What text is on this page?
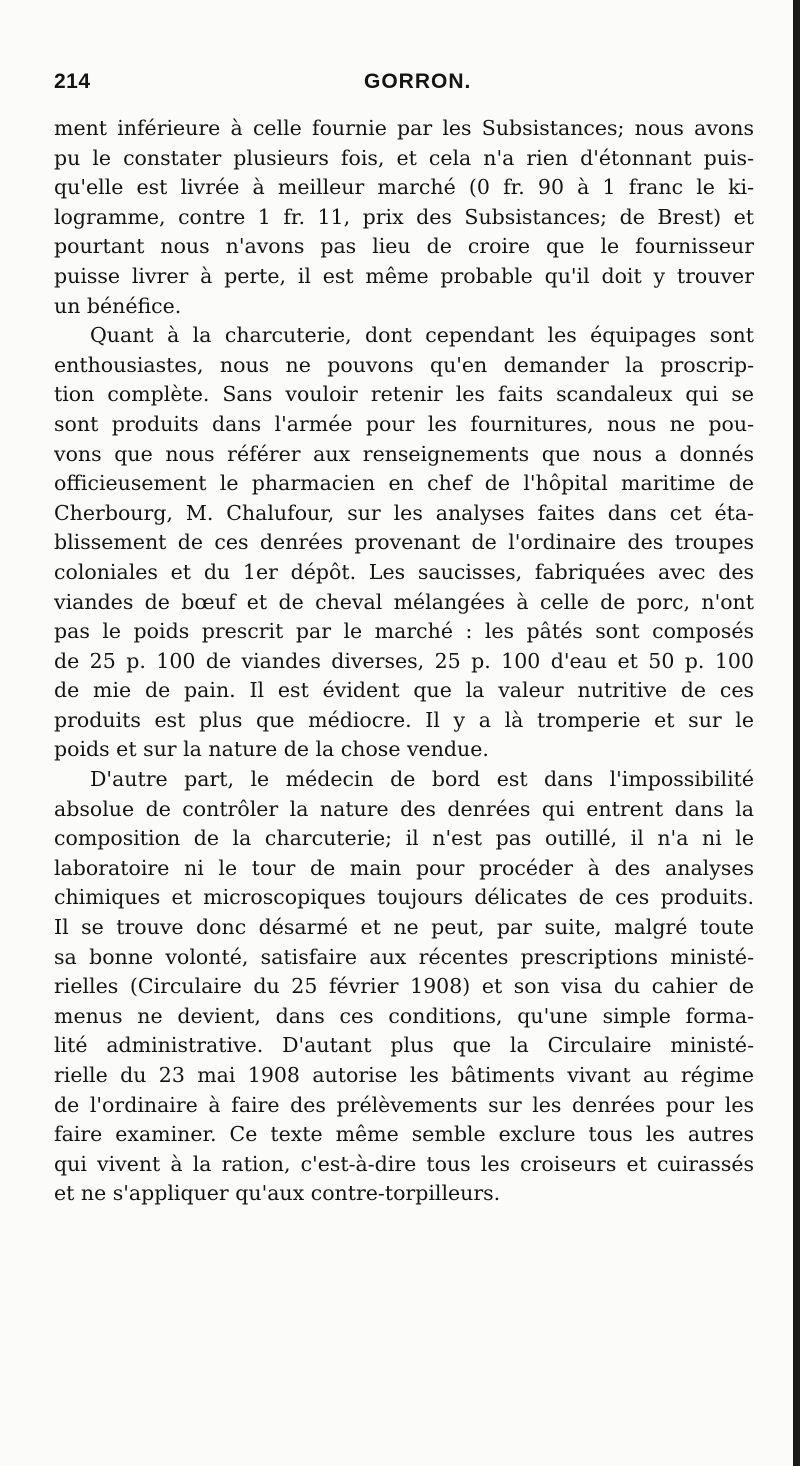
214	GORRON.
ment inférieure à celle fournie par les Subsistances; nous avons
pu le constater plusieurs fois, et cela n'a rien d'étonnant puis-
qu'elle est livrée à meilleur marché (0 fr. 90 à 1 franc le ki-
logramme, contre 1 fr. 11, prix des Subsistances; de Brest) et
pourtant nous n'avons pas lieu de croire que le fournisseur
puisse livrer à perte, il est même probable qu'il doit y trouver
un bénéfice.
Quant à la charcuterie, dont cependant les équipages sont
enthousiastes, nous ne pouvons qu'en demander la proscrip-
tion complète. Sans vouloir retenir les faits scandaleux qui se
sont produits dans l'armée pour les fournitures, nous ne pou-
vons que nous référer aux renseignements que nous a donnés
officieusement le pharmacien en chef de l'hôpital maritime de
Cherbourg, M. Chalufour, sur les analyses faites dans cet éta-
blissement de ces denrées provenant de l'ordinaire des troupes
coloniales et du 1er dépôt. Les saucisses, fabriquées avec des
viandes de bœuf et de cheval mélangées à celle de porc, n'ont
pas le poids prescrit par le marché : les pâtés sont composés
de 25 p. 100 de viandes diverses, 25 p. 100 d'eau et 50 p. 100
de mie de pain. Il est évident que la valeur nutritive de ces
produits est plus que médiocre. Il y a là tromperie et sur le
poids et sur la nature de la chose vendue.
D'autre part, le médecin de bord est dans l'impossibilité
absolue de contrôler la nature des denrées qui entrent dans la
composition de la charcuterie; il n'est pas outillé, il n'a ni le
laboratoire ni le tour de main pour procéder à des analyses
chimiques et microscopiques toujours délicates de ces produits.
Il se trouve donc désarmé et ne peut, par suite, malgré toute
sa bonne volonté, satisfaire aux récentes prescriptions ministé-
rielles (Circulaire du 25 février 1908) et son visa du cahier de
menus ne devient, dans ces conditions, qu'une simple forma-
lité administrative. D'autant plus que la Circulaire ministé-
rielle du 23 mai 1908 autorise les bâtiments vivant au régime
de l'ordinaire à faire des prélèvements sur les denrées pour les
faire examiner. Ce texte même semble exclure tous les autres
qui vivent à la ration, c'est-à-dire tous les croiseurs et cuirassés
et ne s'appliquer qu'aux contre-torpilleurs.
